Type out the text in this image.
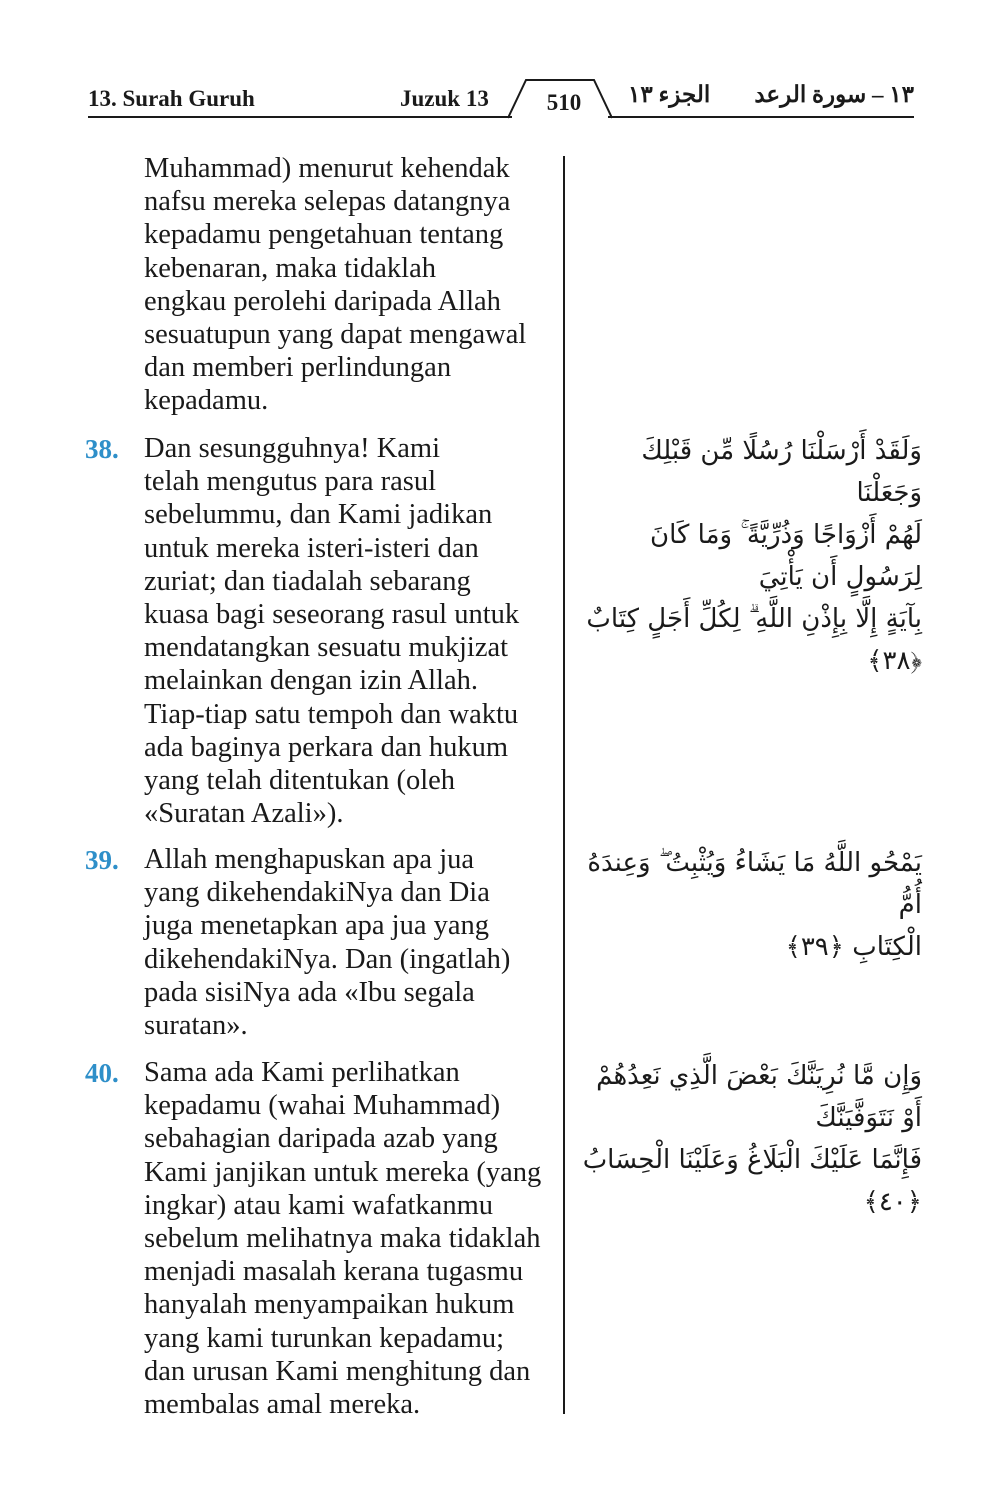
13. Surah Guruh	Juzuk 13	510	الجزء ١٣ ١٣ – سورة الرعد
Muhammad) menurut kehendak
nafsu mereka selepas datangnya
kepadamu pengetahuan tentang
kebenaran, maka tidaklah
engkau perolehi daripada Allah
sesuatupun yang dapat mengawal
dan memberi perlindungan
kepadamu.
38. Dan sesungguhnya! Kami
telah mengutus para rasul
sebelummu, dan Kami jadikan
untuk mereka isteri-isteri dan
zuriat; dan tiadalah sebarang
kuasa bagi seseorang rasul untuk
mendatangkan sesuatu mukjizat
melainkan dengan izin Allah.
Tiap-tiap satu tempoh dan waktu
ada baginya perkara dan hukum
yang telah ditentukan (oleh
«Suratan Azali»).
وَلَقَدْ أَرْسَلْنَا رُسُلًا مِّن قَبْلِكَ وَجَعَلْنَا
لَهُمْ أَزْوَاجًا وَذُرِّيَّةً ۚ وَمَا كَانَ لِرَسُولٍ أَن يَأْتِيَ
بِآيَةٍ إِلَّا بِإِذْنِ اللَّهِ ۗ لِكُلِّ أَجَلٍ كِتَابٌ ﴿٣٨﴾
39. Allah menghapuskan apa jua
yang dikehendakiNya dan Dia
juga menetapkan apa jua yang
dikehendakiNya. Dan (ingatlah)
pada sisiNya ada «Ibu segala
suratan».
يَمْحُو اللَّهُ مَا يَشَاءُ وَيُثْبِتُ ۖ وَعِندَهُ أُمُّ
الْكِتَابِ ﴿٣٩﴾
40. Sama ada Kami perlihatkan
kepadamu (wahai Muhammad)
sebahagian daripada azab yang
Kami janjikan untuk mereka (yang
ingkar) atau kami wafatkanmu
sebelum melihatnya maka tidaklah
menjadi masalah kerana tugasmu
hanyalah menyampaikan hukum
yang kami turunkan kepadamu;
dan urusan Kami menghitung dan
membalas amal mereka.
وَإِن مَّا نُرِيَنَّكَ بَعْضَ الَّذِي نَعِدُهُمْ أَوْ نَتَوَفَّيَنَّكَ
فَإِنَّمَا عَلَيْكَ الْبَلَاغُ وَعَلَيْنَا الْحِسَابُ ﴿٤٠﴾
